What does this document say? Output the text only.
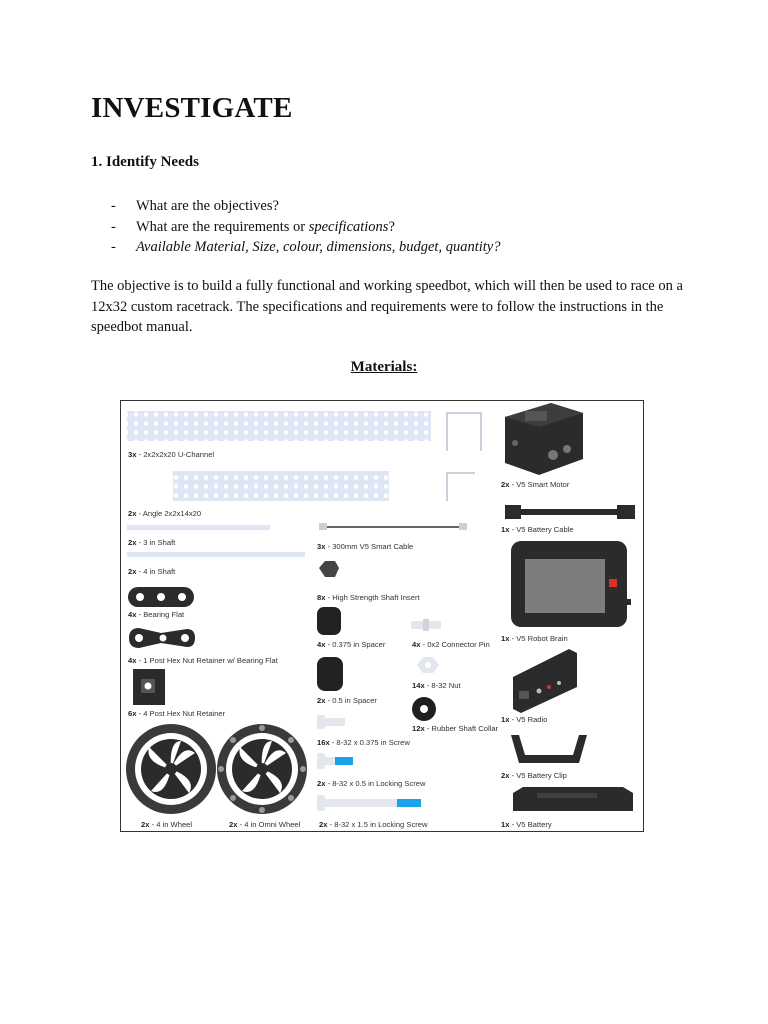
INVESTIGATE
1. Identify Needs
- What are the objectives?
- What are the requirements or specifications?
- Available Material, Size, colour, dimensions, budget, quantity?

The objective is to build a fully functional and working speedbot, which will then be used to race on a 12x32 custom racetrack. The specifications and requirements were to follow the instructions in the speedbot manual.

Materials:
3x - 2x2x2x20 U-Channel
2x - Angle 2x2x14x20
2x - 3 in Shaft
2x - 4 in Shaft
4x - Bearing Flat
4x - 1 Post Hex Nut Retainer w/ Bearing Flat
6x - 4 Post Hex Nut Retainer
2x - 4 in Wheel	2x - 4 in Omni Wheel
3x - 300mm V5 Smart Cable
8x - High Strength Shaft Insert
4x - 0.375 in Spacer	4x - 0x2 Connector Pin
14x - 8-32 Nut
2x - 0.5 in Spacer
12x - Rubber Shaft Collar
16x - 8-32 x 0.375 in Screw
2x - 8-32 x 0.5 in Locking Screw
2x - 8-32 x 1.5 in Locking Screw
2x - V5 Smart Motor
1x - V5 Battery Cable
1x - V5 Robot Brain
1x - V5 Radio
2x - V5 Battery Clip
1x - V5 Battery
